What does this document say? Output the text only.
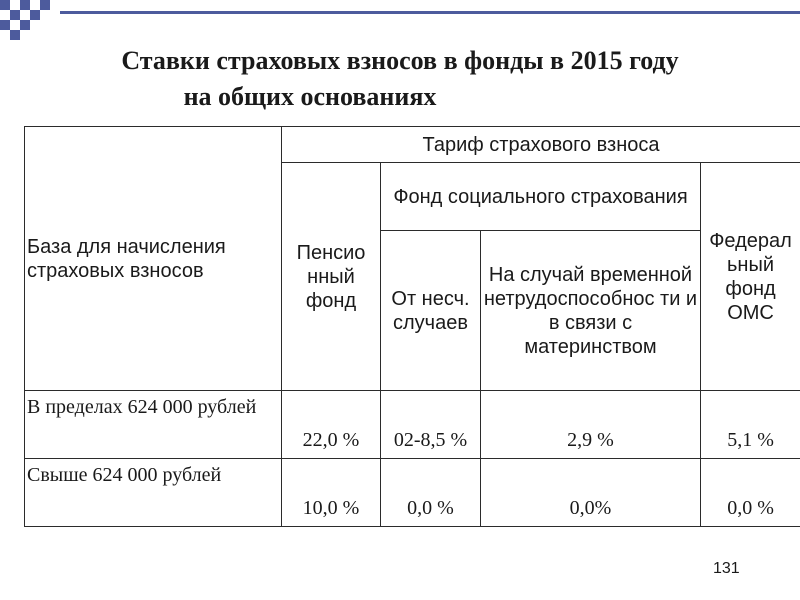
Ставки страховых взносов в фонды в 2015 году
на общих основаниях
База для начисления страховых взносов	Тариф страхового взноса			
	Пенсио нный фонд	Фонд социального страхования		Федерал ьный фонд ОМС
		От несч. случаев	На случай временной нетрудоспособнос ти и в связи с материнством	
В пределах 624 000 рублей	22,0 %	02-8,5 %	2,9 %	5,1 %
Свыше 624 000 рублей	10,0 %	0,0 %	0,0%	0,0 %
131
